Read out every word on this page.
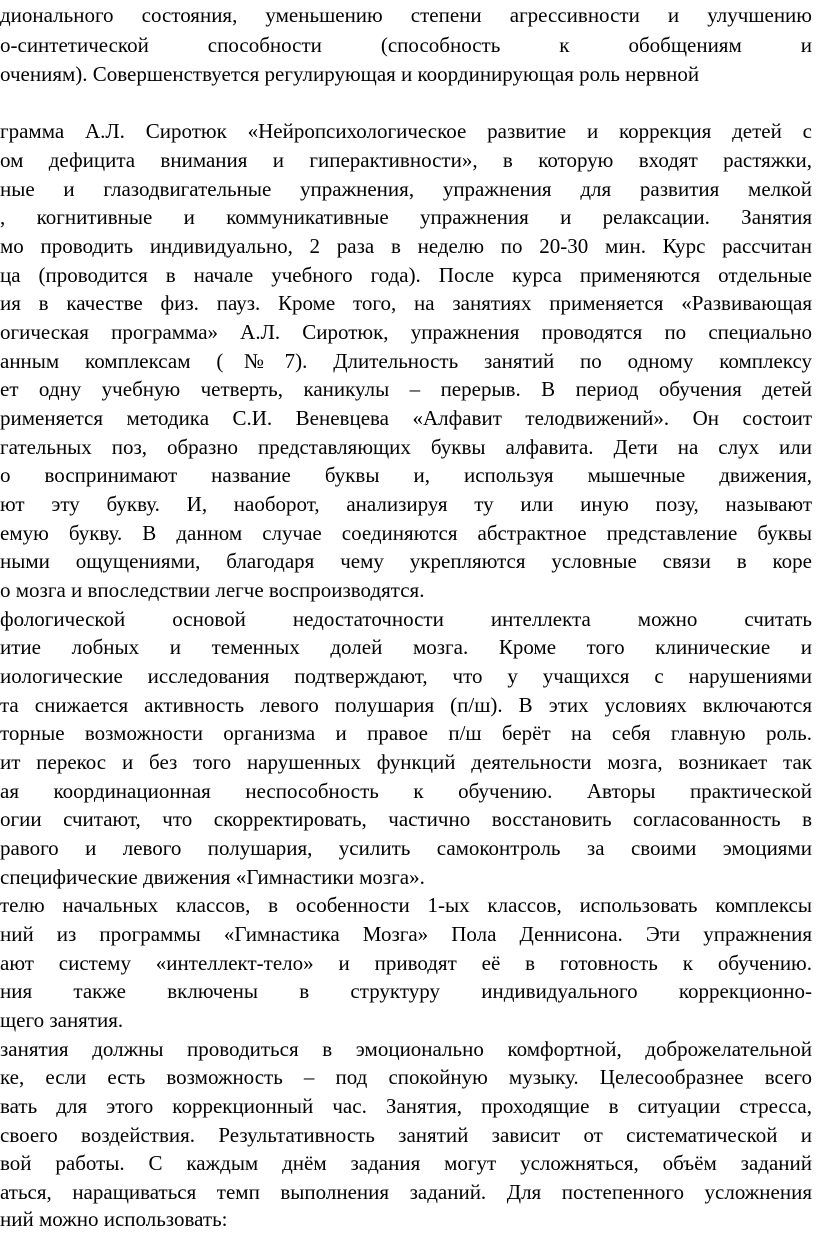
дионального состояния, уменьшению степени агрессивности и улучшению
о-синтетической способности (способность к обобщениям и
очениям). Совершенствуется регулирующая и координирующая роль нервной
грамма А.Л. Сиротюк «Нейропсихологическое развитие и коррекция детей с
ом дефицита внимания и гиперактивности», в которую входят растяжки,
ные и глазодвигательные упражнения, упражнения для развития мелкой
, когнитивные и коммуникативные упражнения и релаксации. Занятия
мо проводить индивидуально, 2 раза в неделю по 20-30 мин. Курс рассчитан
ца (проводится в начале учебного года). После курса применяются отдельные
ия в качестве физ. пауз. Кроме того, на занятиях применяется «Развивающая
огическая программа» А.Л. Сиротюк, упражнения проводятся по специально
анным комплексам (№7). Длительность занятий по одному комплексу
ет одну учебную четверть, каникулы – перерыв. В период обучения детей
рименяется методика С.И. Веневцева «Алфавит телодвижений». Он состоит
гательных поз, образно представляющих буквы алфавита. Дети на слух или
о воспринимают название буквы и, используя мышечные движения,
ют эту букву. И, наоборот, анализируя ту или иную позу, называют
емую букву. В данном случае соединяются абстрактное представление буквы
ными ощущениями, благодаря чему укрепляются условные связи в коре
о мозга и впоследствии легче воспроизводятся.
фологической основой недостаточности интеллекта можно считать
итие лобных и теменных долей мозга. Кроме того клинические и
иологические исследования подтверждают, что у учащихся с нарушениями
та снижается активность левого полушария (п/ш). В этих условиях включаются
торные возможности организма и правое п/ш берёт на себя главную роль.
ит перекос и без того нарушенных функций деятельности мозга, возникает так
ая координационная неспособность к обучению. Авторы практической
огии считают, что скорректировать, частично восстановить согласованность в
равого и левого полушария, усилить самоконтроль за своими эмоциями
специфические движения «Гимнастики мозга».
телю начальных классов, в особенности 1-ых классов, использовать комплексы
ний из программы «Гимнастика Мозга» Пола Деннисона. Эти упражнения
ают систему «интеллект-тело» и приводят её в готовность к обучению.
ния также включены в структуру индивидуального коррекционно-
щего занятия.
занятия должны проводиться в эмоционально комфортной, доброжелательной
ке, если есть возможность – под спокойную музыку. Целесообразнее всего
вать для этого коррекционный час. Занятия, проходящие в ситуации стресса,
своего воздействия. Результативность занятий зависит от систематической и
вой работы. С каждым днём задания могут усложняться, объём заданий
аться, наращиваться темп выполнения заданий. Для постепенного усложнения
ний можно использовать:
